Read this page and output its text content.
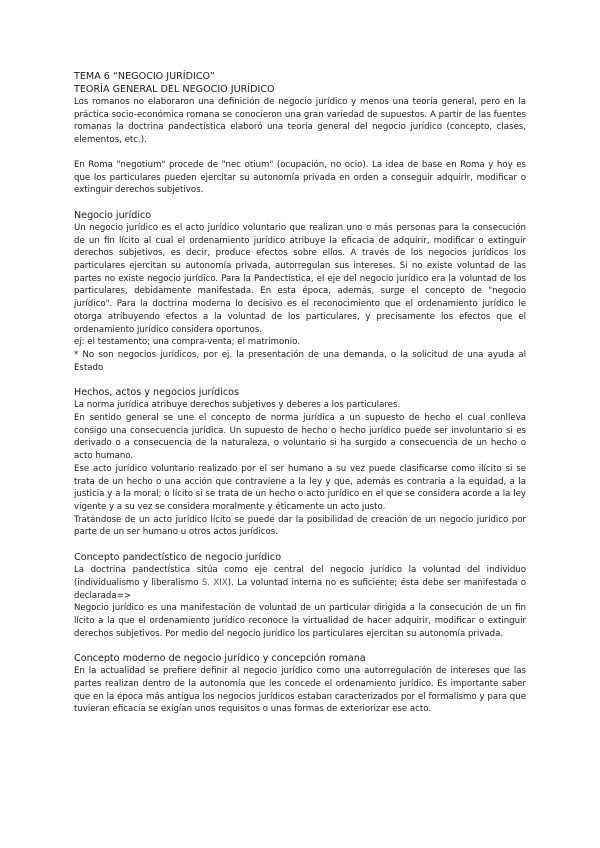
TEMA 6 “NEGOCIO JURÍDICO”
TEORÍA GENERAL DEL NEGOCIO JURÍDICO

Los romanos no elaboraron una definición de negocio jurídico y menos una teoría general, pero en la práctica socio-económica romana se conocieron una gran variedad de supuestos. A partir de las fuentes romanas la doctrina pandectística elaboró una teoría general del negocio jurídico (concepto, clases, elementos, etc.).

En Roma "negotium" procede de "nec otium" (ocupación, no ocio). La idea de base en Roma y hoy es que los particulares pueden ejercitar su autonomía privada en orden a conseguir adquirir, modificar o extinguir derechos subjetivos.

Negocio jurídico

Un negocio jurídico es el acto jurídico voluntario que realizan uno o más personas para la consecución de un fin lícito al cual el ordenamiento jurídico atribuye la eficacia de adquirir, modificar o extinguir derechos subjetivos, es decir, produce efectos sobre ellos. A través de los negocios jurídicos los particulares ejercitan su autonomía privada, autorregulan sus intereses. Si no existe voluntad de las partes no existe negocio jurídico. Para la Pandectística, el eje del negocio jurídico era la voluntad de los particulares, debidamente manifestada. En esta época, además, surge el concepto de "negocio jurídico". Para la doctrina moderna lo decisivo es el reconocimiento que el ordenamiento jurídico le otorga atribuyendo efectos a la voluntad de los particulares, y precisamente los efectos que el ordenamiento jurídico considera oportunos.

ej: el testamento; una compra-venta; el matrimonio.

* No son negocios jurídicos, por ej. la presentación de una demanda, o la solicitud de una ayuda al Estado

Hechos, actos y negocios jurídicos

La norma jurídica atribuye derechos subjetivos y deberes a los particulares.

En sentido general se une el concepto de norma jurídica a un supuesto de hecho el cual conlleva consigo una consecuencia jurídica. Un supuesto de hecho o hecho jurídico puede ser involuntario si es derivado o a consecuencia de la naturaleza, o voluntario si ha surgido a consecuencia de un hecho o acto humano.

Ese acto jurídico voluntario realizado por el ser humano a su vez puede clasificarse como ilícito si se trata de un hecho o una acción que contraviene a la ley y que, además es contraria a la equidad, a la justicia y a la moral; o lícito si se trata de un hecho o acto jurídico en el que se considera acorde a la ley vigente y a su vez se considera moralmente y éticamente un acto justo.

Tratándose de un acto jurídico lícito se puede dar la posibilidad de creación de un negocio jurídico por parte de un ser humano u otros actos jurídicos.

Concepto pandectístico de negocio jurídico

La doctrina pandectística sitúa como eje central del negocio jurídico la voluntad del individuo (individualismo y liberalismo S. XIX). La voluntad interna no es suficiente; ésta debe ser manifestada o declarada=>

Negocio jurídico es una manifestación de voluntad de un particular dirigida a la consecución de un fin lícito a la que el ordenamiento jurídico reconoce la virtualidad de hacer adquirir, modificar o extinguir derechos subjetivos. Por medio del negocio jurídico los particulares ejercitan su autonomía privada.

Concepto moderno de negocio jurídico y concepción romana

En la actualidad se prefiere definir al negocio jurídico como una autorregulación de intereses que las partes realizan dentro de la autonomía que les concede el ordenamiento jurídico. Es importante saber que en la época más antigua los negocios jurídicos estaban caracterizados por el formalismo y para que tuvieran eficacia se exigían unos requisitos o unas formas de exteriorizar ese acto.
